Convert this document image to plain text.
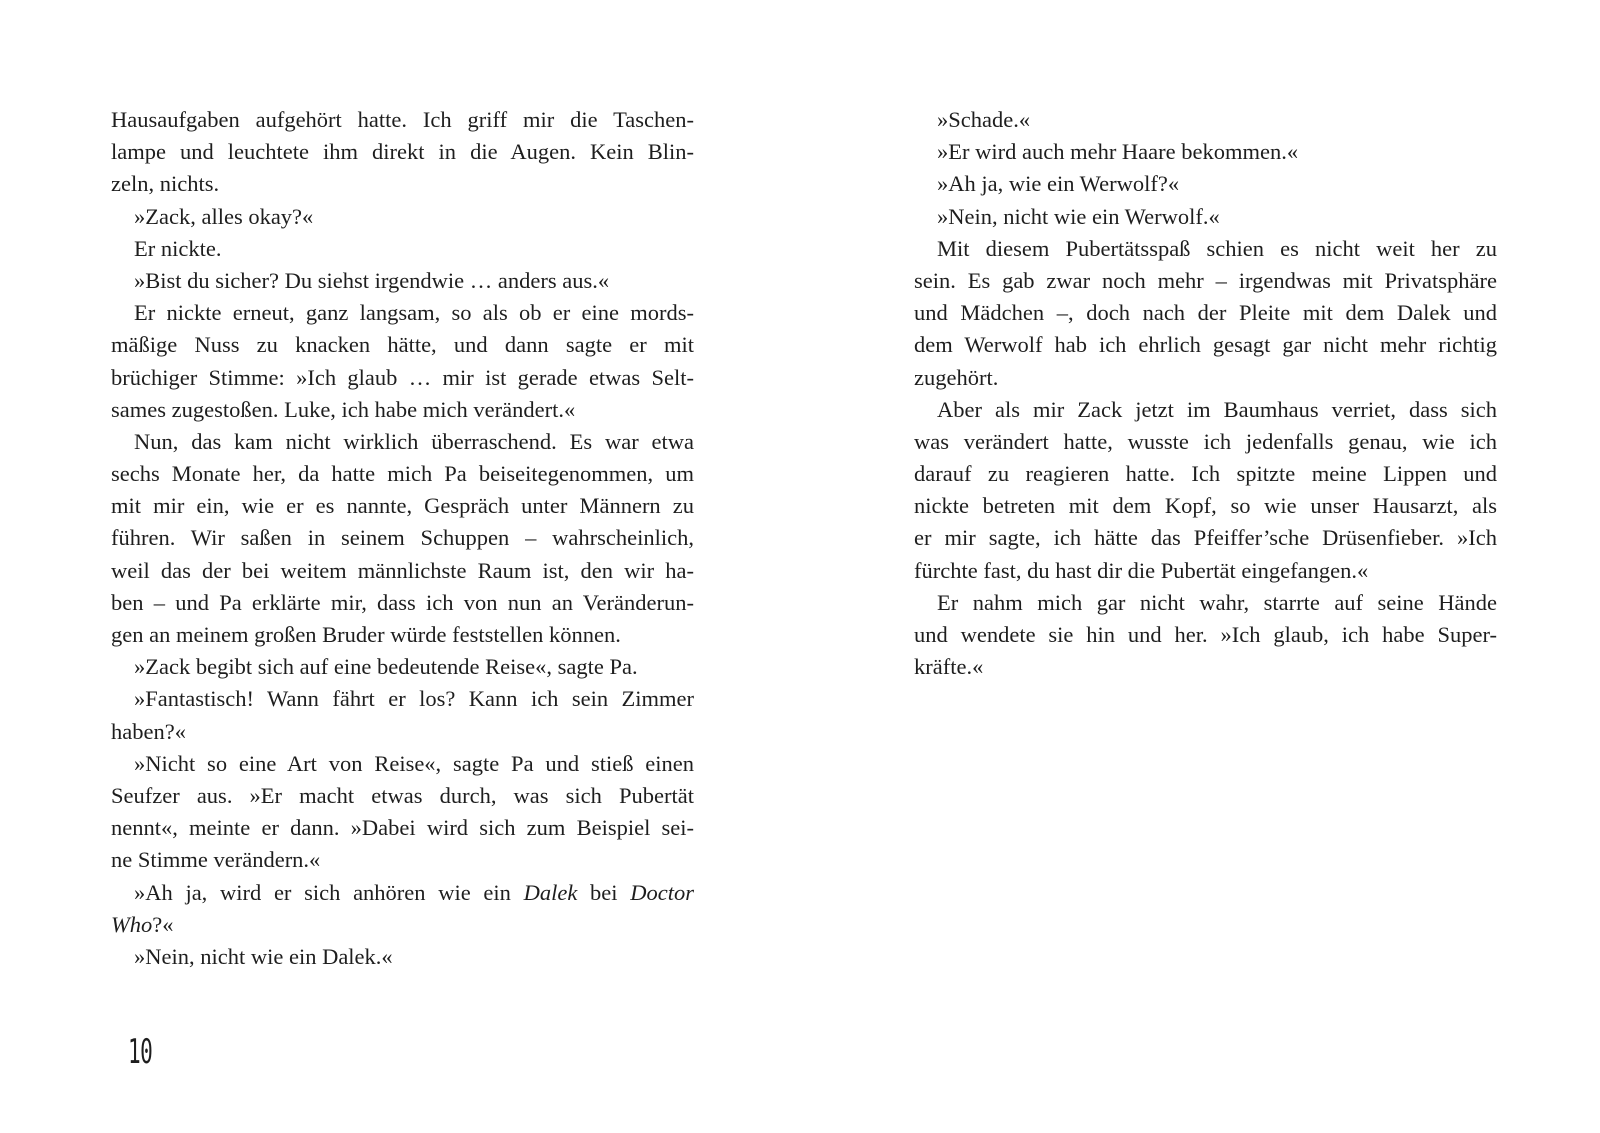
Hausaufgaben aufgehört hatte. Ich griff mir die Taschen-
lampe und leuchtete ihm direkt in die Augen. Kein Blin-
zeln, nichts.
»Zack, alles okay?«
Er nickte.
»Bist du sicher? Du siehst irgendwie … anders aus.«
Er nickte erneut, ganz langsam, so als ob er eine mords-
mäßige Nuss zu knacken hätte, und dann sagte er mit
brüchiger Stimme: »Ich glaub … mir ist gerade etwas Selt-
sames zugestoßen. Luke, ich habe mich verändert.«
Nun, das kam nicht wirklich überraschend. Es war etwa
sechs Monate her, da hatte mich Pa beiseitegenommen, um
mit mir ein, wie er es nannte, Gespräch unter Männern zu
führen. Wir saßen in seinem Schuppen – wahrscheinlich,
weil das der bei weitem männlichste Raum ist, den wir ha-
ben – und Pa erklärte mir, dass ich von nun an Veränderun-
gen an meinem großen Bruder würde feststellen können.
»Zack begibt sich auf eine bedeutende Reise«, sagte Pa.
»Fantastisch! Wann fährt er los? Kann ich sein Zimmer
haben?«
»Nicht so eine Art von Reise«, sagte Pa und stieß einen
Seufzer aus. »Er macht etwas durch, was sich Pubertät
nennt«, meinte er dann. »Dabei wird sich zum Beispiel sei-
ne Stimme verändern.«
»Ah ja, wird er sich anhören wie ein Dalek bei Doctor
Who?«
»Nein, nicht wie ein Dalek.«
»Schade.«
»Er wird auch mehr Haare bekommen.«
»Ah ja, wie ein Werwolf?«
»Nein, nicht wie ein Werwolf.«
Mit diesem Pubertätsspaß schien es nicht weit her zu
sein. Es gab zwar noch mehr – irgendwas mit Privatsphäre
und Mädchen –, doch nach der Pleite mit dem Dalek und
dem Werwolf hab ich ehrlich gesagt gar nicht mehr richtig
zugehört.
Aber als mir Zack jetzt im Baumhaus verriet, dass sich
was verändert hatte, wusste ich jedenfalls genau, wie ich
darauf zu reagieren hatte. Ich spitzte meine Lippen und
nickte betreten mit dem Kopf, so wie unser Hausarzt, als
er mir sagte, ich hätte das Pfeiffer’sche Drüsenfieber. »Ich
fürchte fast, du hast dir die Pubertät eingefangen.«
Er nahm mich gar nicht wahr, starrte auf seine Hände
und wendete sie hin und her. »Ich glaub, ich habe Super-
kräfte.«
10
